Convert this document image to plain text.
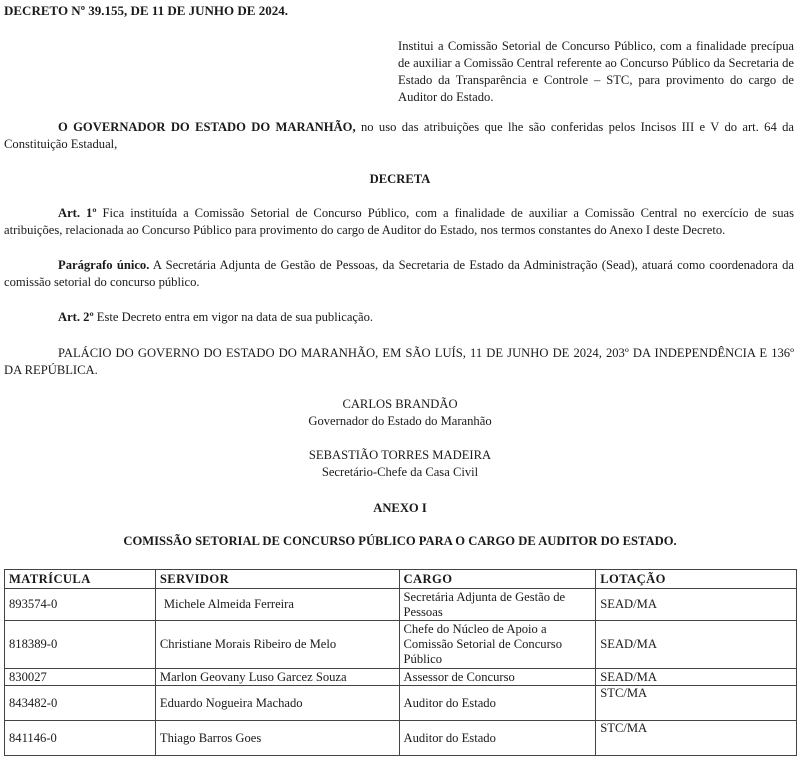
DECRETO Nº 39.155, DE 11 DE JUNHO DE 2024.
Institui a Comissão Setorial de Concurso Público, com a finalidade precípua de auxiliar a Comissão Central referente ao Concurso Público da Secretaria de Estado da Transparência e Controle – STC, para provimento do cargo de Auditor do Estado.
O GOVERNADOR DO ESTADO DO MARANHÃO, no uso das atribuições que lhe são conferidas pelos Incisos III e V do art. 64 da Constituição Estadual,
DECRETA
Art. 1º Fica instituída a Comissão Setorial de Concurso Público, com a finalidade de auxiliar a Comissão Central no exercício de suas atribuições, relacionada ao Concurso Público para provimento do cargo de Auditor do Estado, nos termos constantes do Anexo I deste Decreto.
Parágrafo único. A Secretária Adjunta de Gestão de Pessoas, da Secretaria de Estado da Administração (Sead), atuará como coordenadora da comissão setorial do concurso público.
Art. 2º Este Decreto entra em vigor na data de sua publicação.
PALÁCIO DO GOVERNO DO ESTADO DO MARANHÃO, EM SÃO LUÍS, 11 DE JUNHO DE 2024, 203º DA INDEPENDÊNCIA E 136º DA REPÚBLICA.
CARLOS BRANDÃO
Governador do Estado do Maranhão
SEBASTIÃO TORRES MADEIRA
Secretário-Chefe da Casa Civil
ANEXO I
COMISSÃO SETORIAL DE CONCURSO PÚBLICO PARA O CARGO DE AUDITOR DO ESTADO.
MATRÍCULA	SERVIDOR	CARGO	LOTAÇÃO
893574-0	Michele Almeida Ferreira	Secretária Adjunta de Gestão de Pessoas	SEAD/MA
818389-0	Christiane Morais Ribeiro de Melo	Chefe do Núcleo de Apoio a Comissão Setorial de Concurso Público	SEAD/MA
830027	Marlon Geovany Luso Garcez Souza	Assessor de Concurso	SEAD/MA
843482-0	Eduardo Nogueira Machado	Auditor do Estado	STC/MA
841146-0	Thiago Barros Goes	Auditor do Estado	STC/MA
